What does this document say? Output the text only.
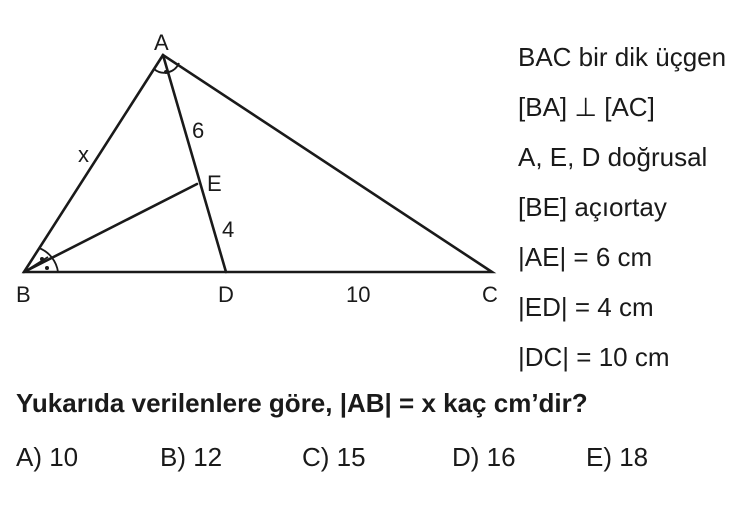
A
B	C
D
E
x
6
4
10
BAC bir dik üçgen
[BA] ⊥ [AC]
A, E, D doğrusal
[BE] açıortay
|AE| = 6 cm
|ED| = 4 cm
|DC| = 10 cm
Yukarıda verilenlere göre, |AB| = x kaç cm’dir?
A) 10	B) 12	C) 15	D) 16	E) 18
